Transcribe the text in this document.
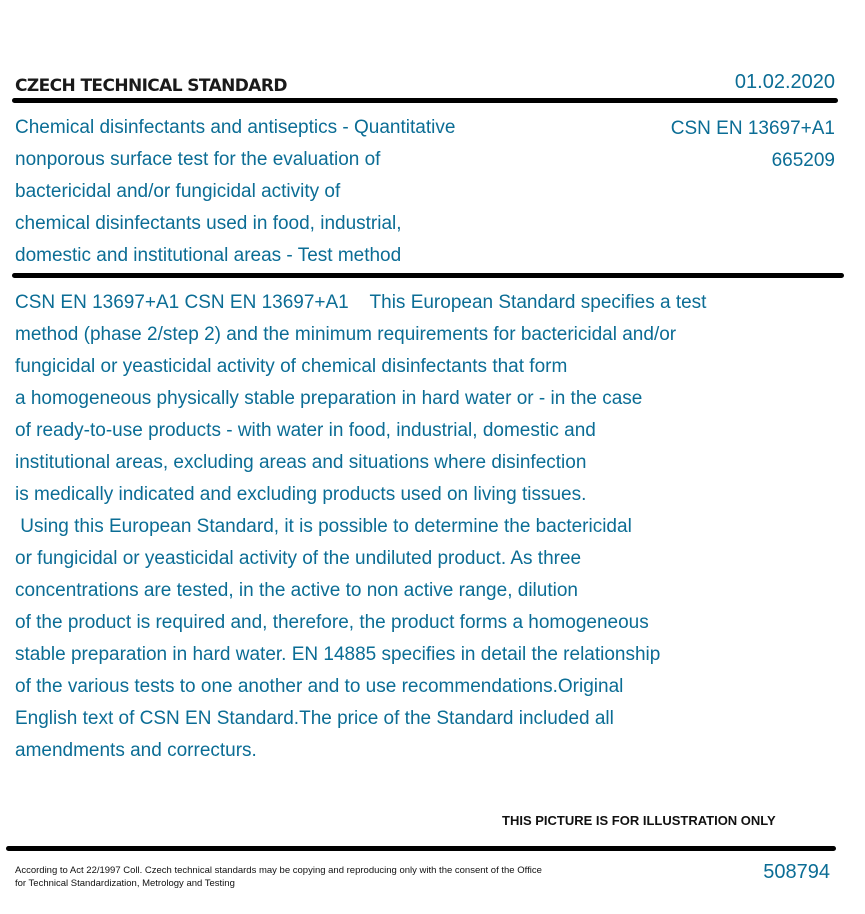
CZECH TECHNICAL STANDARD	01.02.2020
Chemical disinfectants and antiseptics - Quantitative
nonporous surface test for the evaluation of
bactericidal and/or fungicidal activity of
chemical disinfectants used in food, industrial,
domestic and institutional areas - Test method
CSN EN 13697+A1
665209
CSN EN 13697+A1 CSN EN 13697+A1    This European Standard specifies a test
method (phase 2/step 2) and the minimum requirements for bactericidal and/or
fungicidal or yeasticidal activity of chemical disinfectants that form
a homogeneous physically stable preparation in hard water or - in the case
of ready-to-use products - with water in food, industrial, domestic and
institutional areas, excluding areas and situations where disinfection
is medically indicated and excluding products used on living tissues.
Using this European Standard, it is possible to determine the bactericidal
or fungicidal or yeasticidal activity of the undiluted product. As three
concentrations are tested, in the active to non active range, dilution
of the product is required and, therefore, the product forms a homogeneous
stable preparation in hard water. EN 14885 specifies in detail the relationship
of the various tests to one another and to use recommendations.Original
English text of CSN EN Standard.The price of the Standard included all
amendments and correcturs.
THIS PICTURE IS FOR ILLUSTRATION ONLY
According to Act 22/1997 Coll. Czech technical standards may be copying and reproducing only with the consent of the Office
for Technical Standardization, Metrology and Testing
508794
